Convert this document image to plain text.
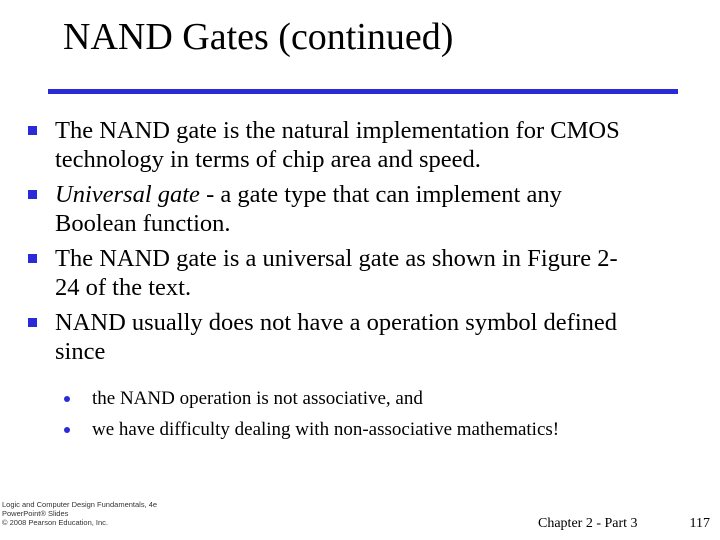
NAND Gates (continued)
The NAND gate is the natural implementation for CMOS
technology in terms of chip area and speed.
Universal gate - a gate type that can implement any
Boolean function.
The NAND gate is a universal gate as shown in Figure 2-
24 of the text.
NAND usually does not have a operation symbol defined
since
the NAND operation is not associative, and
we have difficulty dealing with non-associative mathematics!
Logic and Computer Design Fundamentals, 4e
PowerPoint® Slides
© 2008 Pearson Education, Inc.	Chapter 2 - Part 3	117
